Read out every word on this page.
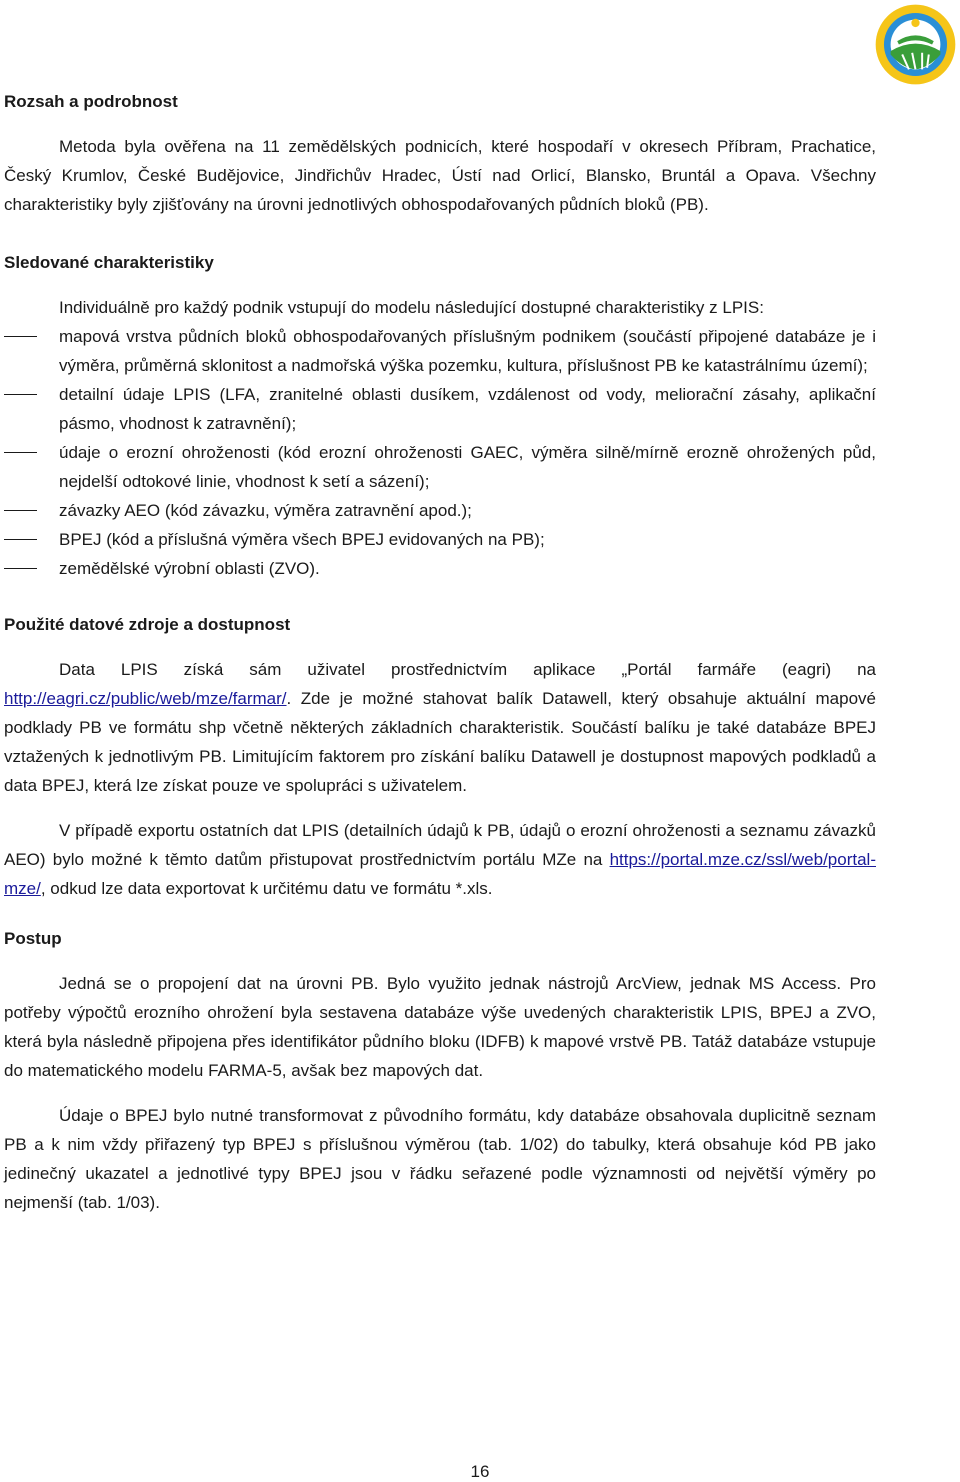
Rozsah a podrobnost

Metoda byla ověřena na 11 zemědělských podnicích, které hospodaří v okresech Příbram, Prachatice, Český Krumlov, České Budějovice, Jindřichův Hradec, Ústí nad Orlicí, Blansko, Bruntál a Opava. Všechny charakteristiky byly zjišťovány na úrovni jednotlivých obhospodařovaných půdních bloků (PB).

Sledované charakteristiky

Individuálně pro každý podnik vstupují do modelu následující dostupné charakteristiky z LPIS:

mapová vrstva půdních bloků obhospodařovaných příslušným podnikem (součástí připojené databáze je i výměra, průměrná sklonitost a nadmořská výška pozemku, kultura, příslušnost PB ke katastrálnímu území);
detailní údaje LPIS (LFA, zranitelné oblasti dusíkem, vzdálenost od vody, meliorační zásahy, aplikační pásmo, vhodnost k zatravnění);
údaje o erozní ohroženosti (kód erozní ohroženosti GAEC, výměra silně/mírně erozně ohrožených půd, nejdelší odtokové linie, vhodnost k setí a sázení);
závazky AEO (kód závazku, výměra zatravnění apod.);
BPEJ (kód a příslušná výměra všech BPEJ evidovaných na PB);
zemědělské výrobní oblasti (ZVO).
Použité datové zdroje a dostupnost

Data LPIS získá sám uživatel prostřednictvím aplikace „Portál farmáře (eagri) na http://eagri.cz/public/web/mze/farmar/. Zde je možné stahovat balík Datawell, který obsahuje aktuální mapové podklady PB ve formátu shp včetně některých základních charakteristik. Součástí balíku je také databáze BPEJ vztažených k jednotlivým PB. Limitujícím faktorem pro získání balíku Datawell je dostupnost mapových podkladů a data BPEJ, která lze získat pouze ve spolupráci s uživatelem.

V případě exportu ostatních dat LPIS (detailních údajů k PB, údajů o erozní ohroženosti a seznamu závazků AEO) bylo možné k těmto datům přistupovat prostřednictvím portálu MZe na https://portal.mze.cz/ssl/web/portal-mze/, odkud lze data exportovat k určitému datu ve formátu *.xls.

Postup

Jedná se o propojení dat na úrovni PB. Bylo využito jednak nástrojů ArcView, jednak MS Access. Pro potřeby výpočtů erozního ohrožení byla sestavena databáze výše uvedených charakteristik LPIS, BPEJ a ZVO, která byla následně připojena přes identifikátor půdního bloku (IDFB) k mapové vrstvě PB. Tatáž databáze vstupuje do matematického modelu FARMA-5, avšak bez mapových dat.

Údaje o BPEJ bylo nutné transformovat z původního formátu, kdy databáze obsahovala duplicitně seznam PB a k nim vždy přiřazený typ BPEJ s příslušnou výměrou (tab. 1/02) do tabulky, která obsahuje kód PB jako jedinečný ukazatel a jednotlivé typy BPEJ jsou v řádku seřazené podle významnosti od největší výměry po nejmenší (tab. 1/03).

16
